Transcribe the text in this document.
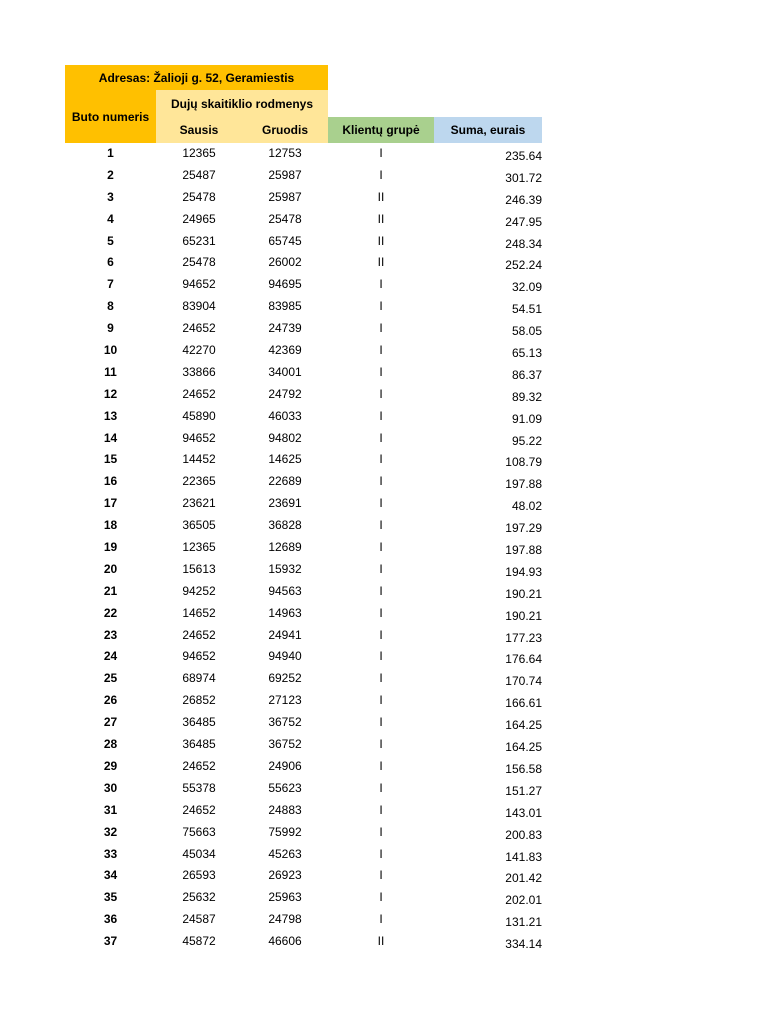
Adresas: Žalioji g. 52, Geramiestis
Buto numeris
Dujų skaitiklio rodmenys
Sausis	Gruodis	Klientų grupė	Suma, eurais
1	12365	12753	I	235.64
2	25487	25987	I	301.72
3	25478	25987	II	246.39
4	24965	25478	II	247.95
5	65231	65745	II	248.34
6	25478	26002	II	252.24
7	94652	94695	I	32.09
8	83904	83985	I	54.51
9	24652	24739	I	58.05
10	42270	42369	I	65.13
11	33866	34001	I	86.37
12	24652	24792	I	89.32
13	45890	46033	I	91.09
14	94652	94802	I	95.22
15	14452	14625	I	108.79
16	22365	22689	I	197.88
17	23621	23691	I	48.02
18	36505	36828	I	197.29
19	12365	12689	I	197.88
20	15613	15932	I	194.93
21	94252	94563	I	190.21
22	14652	14963	I	190.21
23	24652	24941	I	177.23
24	94652	94940	I	176.64
25	68974	69252	I	170.74
26	26852	27123	I	166.61
27	36485	36752	I	164.25
28	36485	36752	I	164.25
29	24652	24906	I	156.58
30	55378	55623	I	151.27
31	24652	24883	I	143.01
32	75663	75992	I	200.83
33	45034	45263	I	141.83
34	26593	26923	I	201.42
35	25632	25963	I	202.01
36	24587	24798	I	131.21
37	45872	46606	II	334.14
